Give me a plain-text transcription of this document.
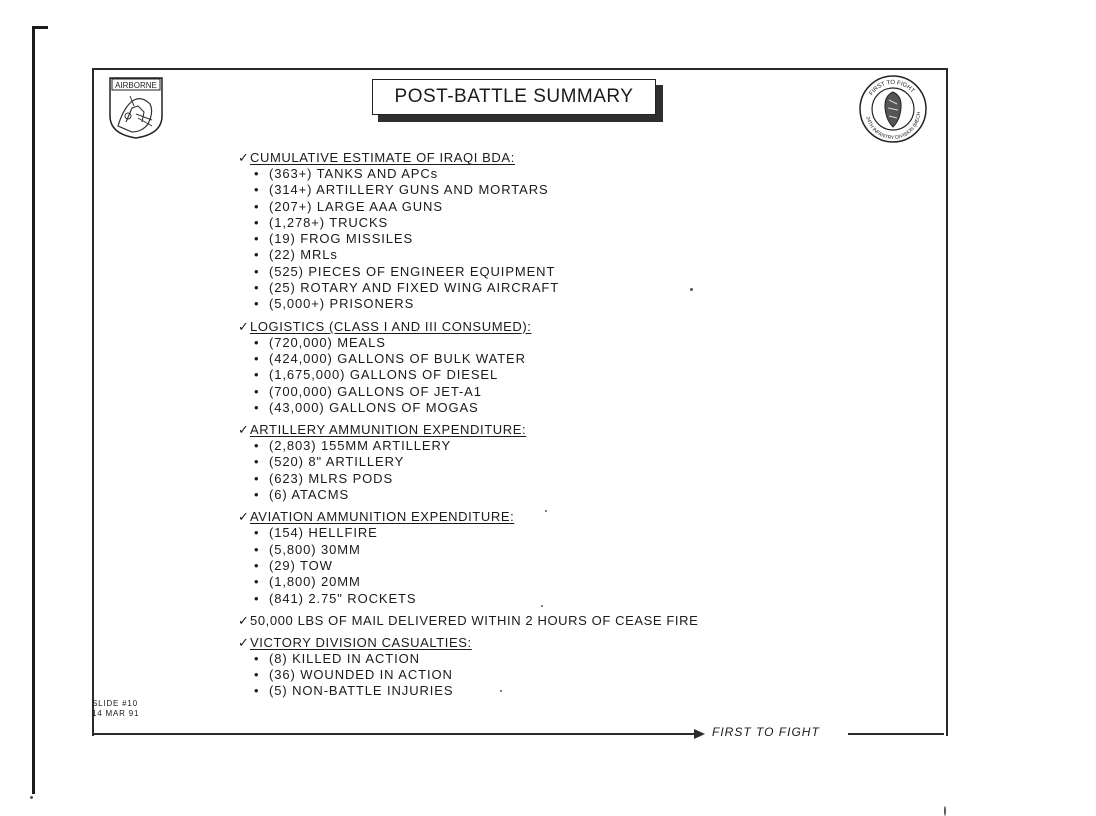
FIRST TO FIGHT
AIRBORNE
POST-BATTLE SUMMARY	FIRST TO FIGHT
24TH INFANTRY DIVISION (MECH
✓CUMULATIVE ESTIMATE OF IRAQI BDA:
• (363+) TANKS AND APCs
• (314+) ARTILLERY GUNS AND MORTARS
• (207+) LARGE AAA GUNS
• (1,278+) TRUCKS
• (19) FROG MISSILES
• (22) MRLs
• (525) PIECES OF ENGINEER EQUIPMENT
• (25) ROTARY AND FIXED WING AIRCRAFT
• (5,000+) PRISONERS
✓LOGISTICS (CLASS I AND III CONSUMED):
• (720,000) MEALS
• (424,000) GALLONS OF BULK WATER
• (1,675,000) GALLONS OF DIESEL
• (700,000) GALLONS OF JET-A1
• (43,000) GALLONS OF MOGAS
✓ARTILLERY AMMUNITION EXPENDITURE:
• (2,803) 155MM ARTILLERY
• (520) 8" ARTILLERY
• (623) MLRS PODS
• (6) ATACMS
✓AVIATION AMMUNITION EXPENDITURE:
• (154) HELLFIRE
• (5,800) 30MM
• (29) TOW
• (1,800) 20MM
• (841) 2.75" ROCKETS
✓50,000 LBS OF MAIL DELIVERED WITHIN 2 HOURS OF CEASE FIRE
✓VICTORY DIVISION CASUALTIES:
• (8) KILLED IN ACTION
• (36) WOUNDED IN ACTION
• (5) NON-BATTLE INJURIES
SLIDE #10
14 MAR 91
